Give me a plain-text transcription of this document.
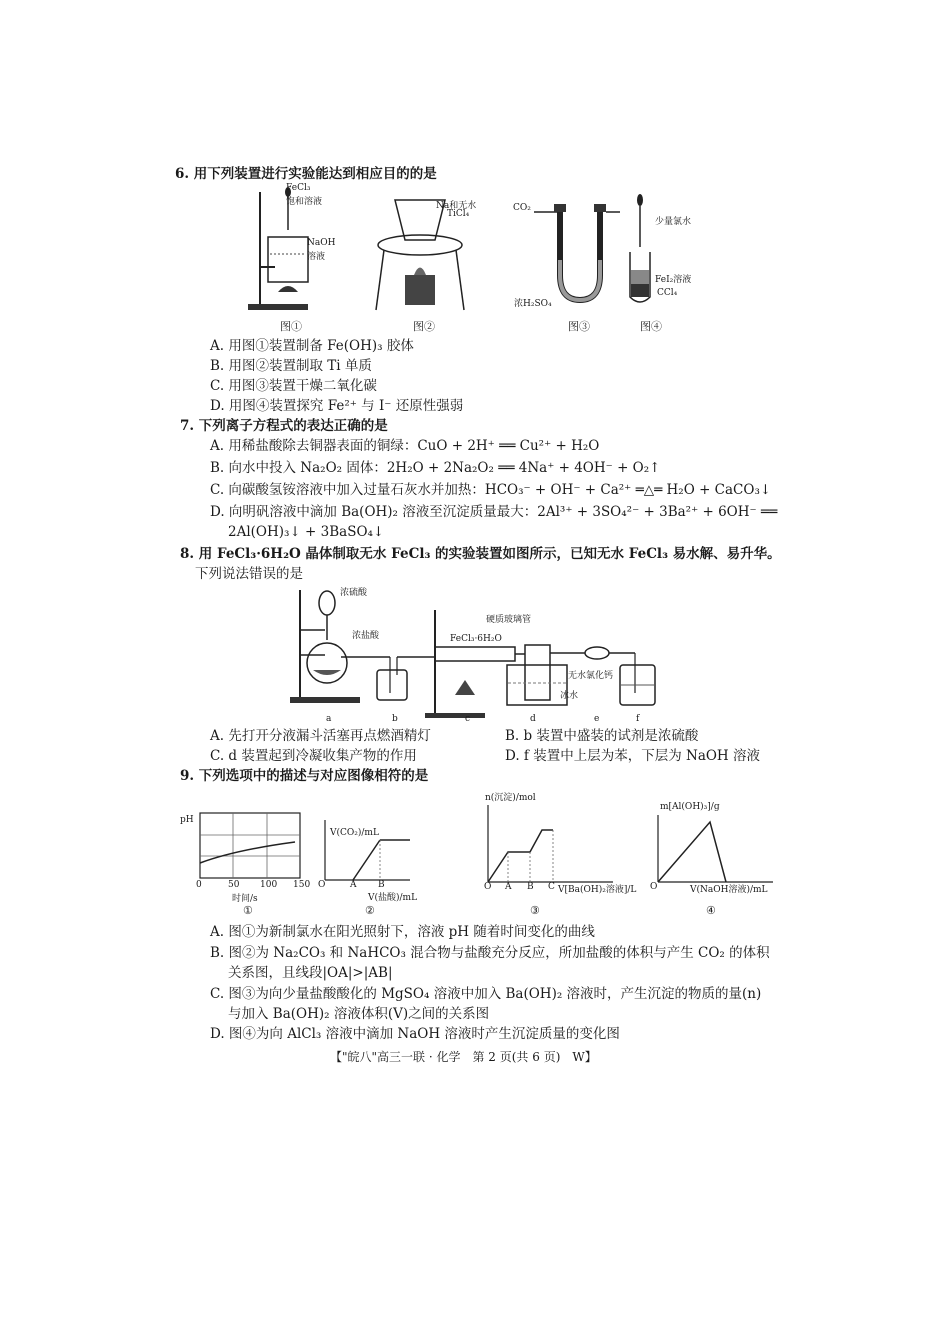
6. 用下列装置进行实验能达到相应目的的是
FeCl₃
饱和溶液
NaOH
溶液
图①
Na和无水
TiCl₄
图②
CO₂
浓H₂SO₄
图③
少量氯水
FeI₂溶液
CCl₄
图④
A. 用图①装置制备 Fe(OH)₃ 胶体
B. 用图②装置制取 Ti 单质
C. 用图③装置干燥二氧化碳
D. 用图④装置探究 Fe²⁺ 与 I⁻ 还原性强弱
7. 下列离子方程式的表达正确的是
A. 用稀盐酸除去铜器表面的铜绿：CuO + 2H⁺ ══ Cu²⁺ + H₂O
B. 向水中投入 Na₂O₂ 固体：2H₂O + 2Na₂O₂ ══ 4Na⁺ + 4OH⁻ + O₂↑
C. 向碳酸氢铵溶液中加入过量石灰水并加热：HCO₃⁻ + OH⁻ + Ca²⁺ ═△═ H₂O + CaCO₃↓
D. 向明矾溶液中滴加 Ba(OH)₂ 溶液至沉淀质量最大：2Al³⁺ + 3SO₄²⁻ + 3Ba²⁺ + 6OH⁻ ══
2Al(OH)₃↓ + 3BaSO₄↓
8. 用 FeCl₃·6H₂O 晶体制取无水 FeCl₃ 的实验装置如图所示，已知无水 FeCl₃ 易水解、易升华。
下列说法错误的是
浓硫酸
浓盐酸	FeCl₃·6H₂O
硬质玻璃管
无水氯化钙
冰水
a	b	c	d	e	f
A. 先打开分液漏斗活塞再点燃酒精灯	B. b 装置中盛装的试剂是浓硫酸
C. d 装置起到冷凝收集产物的作用	D. f 装置中上层为苯，下层为 NaOH 溶液
9. 下列选项中的描述与对应图像相符的是
pH
0	50 100 150
时间/s
①
V(CO₂)/mL
O	A B
V(盐酸)/mL
②
n(沉淀)/mol
O A B C V[Ba(OH)₂溶液]/L
③
m[Al(OH)₃]/g
O	V(NaOH溶液)/mL
④
A. 图①为新制氯水在阳光照射下，溶液 pH 随着时间变化的曲线
B. 图②为 Na₂CO₃ 和 NaHCO₃ 混合物与盐酸充分反应，所加盐酸的体积与产生 CO₂ 的体积
关系图，且线段|OA|>|AB|
C. 图③为向少量盐酸酸化的 MgSO₄ 溶液中加入 Ba(OH)₂ 溶液时，产生沉淀的物质的量(n)
与加入 Ba(OH)₂ 溶液体积(V)之间的关系图
D. 图④为向 AlCl₃ 溶液中滴加 NaOH 溶液时产生沉淀质量的变化图
【"皖八"高三一联 · 化学　第 2 页(共 6 页)　W】
